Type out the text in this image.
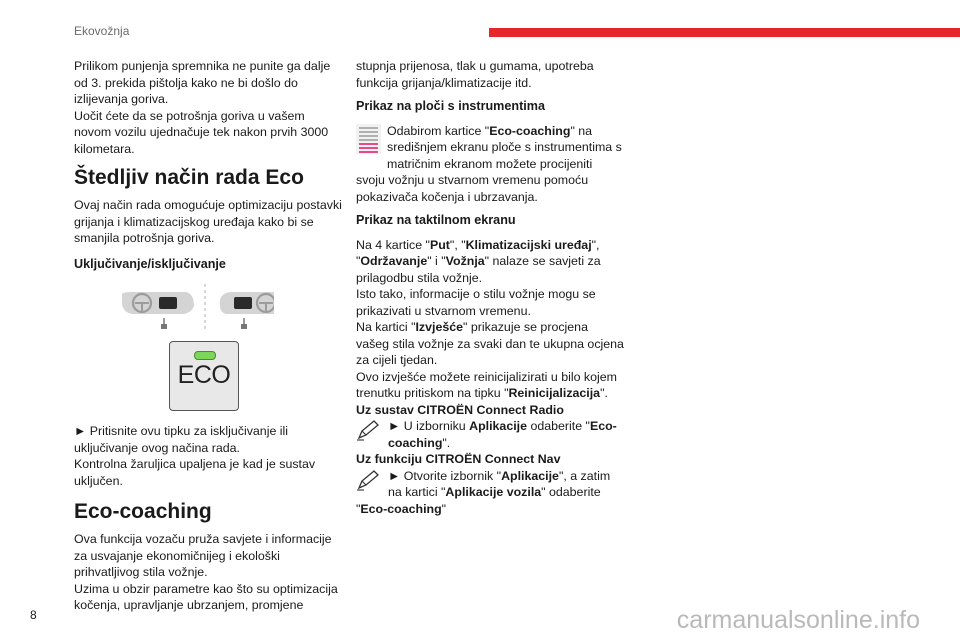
Ekovožnja

Prilikom punjenja spremnika ne punite ga dalje od 3. prekida pištolja kako ne bi došlo do izlijevanja goriva.

Uočit ćete da se potrošnja goriva u vašem novom vozilu ujednačuje tek nakon prvih 3000 kilometara.

Štedljiv način rada Eco

Ovaj način rada omogućuje optimizaciju postavki grijanja i klimatizacijskog uređaja kako bi se smanjila potrošnja goriva.

Uključivanje/isključivanje
ECO

► Pritisnite ovu tipku za isključivanje ili uključivanje ovog načina rada.

Kontrolna žaruljica upaljena je kad je sustav uključen.

Eco-coaching

Ova funkcija vozaču pruža savjete i informacije za usvajanje ekonomičnijeg i ekološki prihvatljivog stila vožnje.

Uzima u obzir parametre kao što su optimizacija kočenja, upravljanje ubrzanjem, promjene

stupnja prijenosa, tlak u gumama, upotreba funkcija grijanja/klimatizacije itd.

Prikaz na ploči s instrumentima

Odabirom kartice "Eco-coaching" na središnjem ekranu ploče s instrumentima s matričnim ekranom možete procijeniti svoju vožnju u stvarnom vremenu pomoću pokazivača kočenja i ubrzavanja.

Prikaz na taktilnom ekranu

Na 4 kartice "Put", "Klimatizacijski uređaj", "Održavanje" i "Vožnja" nalaze se savjeti za prilagodbu stila vožnje.

Isto tako, informacije o stilu vožnje mogu se prikazivati u stvarnom vremenu.

Na kartici "Izvješće" prikazuje se procjena vašeg stila vožnje za svaki dan te ukupna ocjena za cijeli tjedan.

Ovo izvješće možete reinicijalizirati u bilo kojem trenutku pritiskom na tipku "Reinicijalizacija".

Uz sustav CITROËN Connect Radio

► U izborniku Aplikacije odaberite "Eco-coaching".

Uz funkciju CITROËN Connect Nav

► Otvorite izbornik "Aplikacije", a zatim na kartici "Aplikacije vozila" odaberite "Eco-coaching"

8	carmanualsonline.info
